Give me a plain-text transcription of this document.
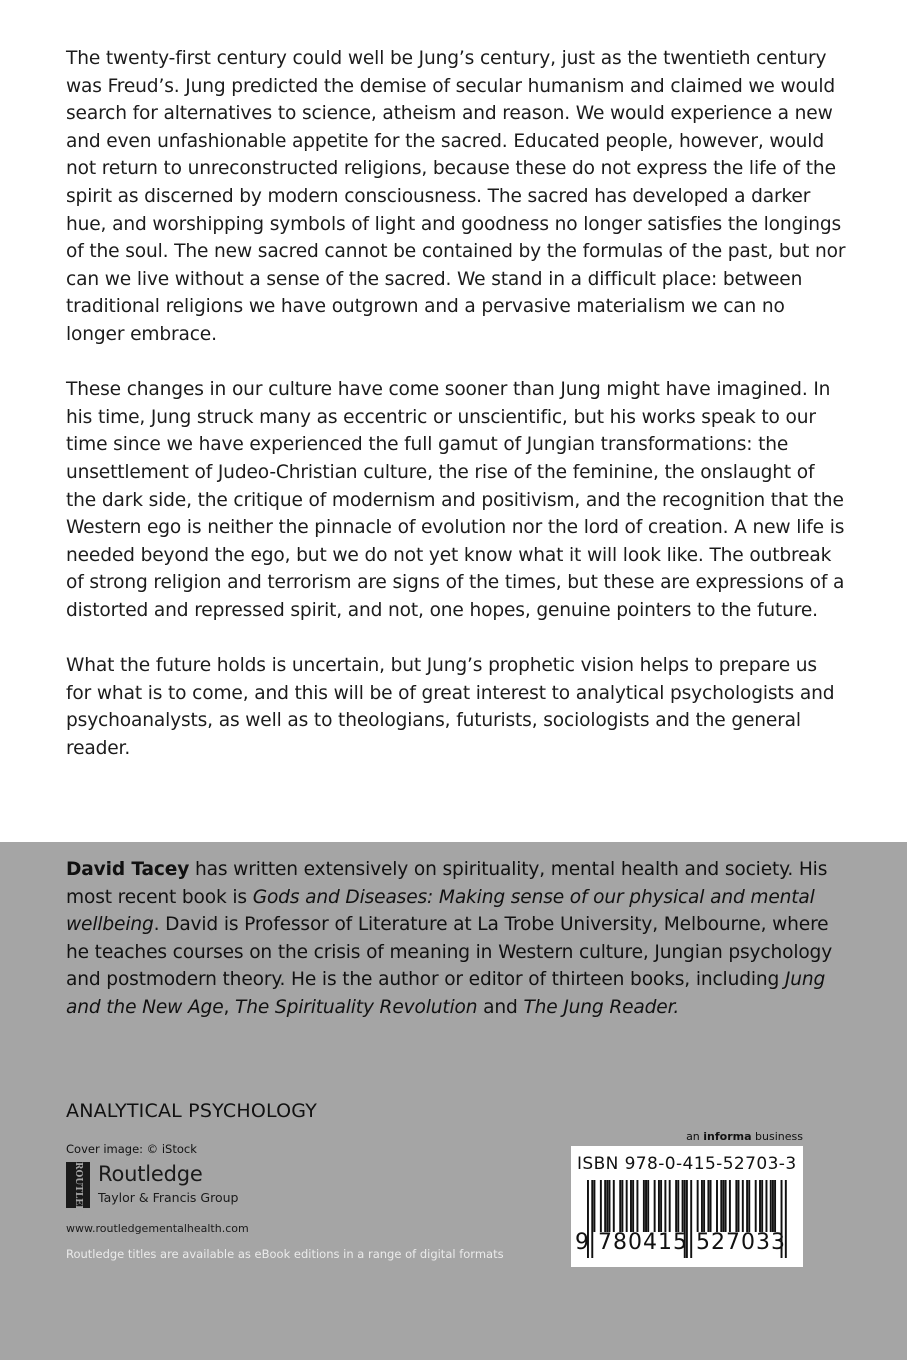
The twenty-first century could well be Jung’s century, just as the twentieth century was Freud’s. Jung predicted the demise of secular humanism and claimed we would search for alternatives to science, atheism and reason. We would experience a new and even unfashionable appetite for the sacred. Educated people, however, would not return to unreconstructed religions, because these do not express the life of the spirit as discerned by modern consciousness. The sacred has developed a darker hue, and worshipping symbols of light and goodness no longer satisfies the longings of the soul. The new sacred cannot be contained by the formulas of the past, but nor can we live without a sense of the sacred. We stand in a difficult place: between traditional religions we have outgrown and a pervasive materialism we can no longer embrace.

These changes in our culture have come sooner than Jung might have imagined. In his time, Jung struck many as eccentric or unscientific, but his works speak to our time since we have experienced the full gamut of Jungian transformations: the unsettlement of Judeo-Christian culture, the rise of the feminine, the onslaught of the dark side, the critique of modernism and positivism, and the recognition that the Western ego is neither the pinnacle of evolution nor the lord of creation. A new life is needed beyond the ego, but we do not yet know what it will look like. The outbreak of strong religion and terrorism are signs of the times, but these are expressions of a distorted and repressed spirit, and not, one hopes, genuine pointers to the future.

What the future holds is uncertain, but Jung’s prophetic vision helps to prepare us for what is to come, and this will be of great interest to analytical psychologists and psychoanalysts, as well as to theologians, futurists, sociologists and the general reader.

David Tacey has written extensively on spirituality, mental health and society. His most recent book is Gods and Diseases: Making sense of our physical and mental wellbeing. David is Professor of Literature at La Trobe University, Melbourne, where he teaches courses on the crisis of meaning in Western culture, Jungian psychology and postmodern theory. He is the author or editor of thirteen books, including Jung and the New Age, The Spirituality Revolution and The Jung Reader.
ANALYTICAL PSYCHOLOGY
Cover image: © iStock
ROUTLEDGE Routledge
Taylor & Francis Group
www.routledgementalhealth.com
Routledge titles are available as eBook editions in a range of digital formats
an informa business
ISBN 978-0-415-52703-3
9 780415 527033
